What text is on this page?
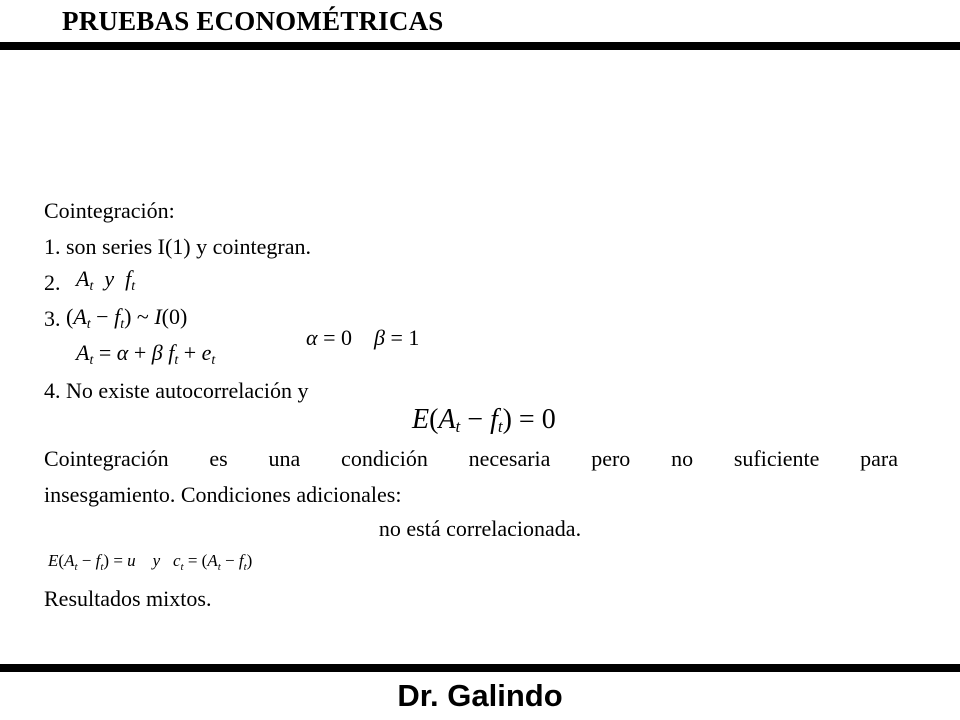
PRUEBAS ECONOMÉTRICAS
Cointegración:
1. son series I(1) y cointegran.
2. $A_t$ y $f_t$
3. $(A_t - f_t)$ ~ I(0)
$A_t = \alpha + \beta$ $f_t + e_t$
α = 0    β = 1
4. No existe autocorrelación y
$E(A_t - f_t) = 0$
Cointegración es una condición necesaria pero no suficiente para
insesgamiento. Condiciones adicionales:
no está correlacionada.
$E(A_t - f_t) = u$ y $c_t = (A_t - f_t)$
Resultados mixtos.
Dr. Galindo
